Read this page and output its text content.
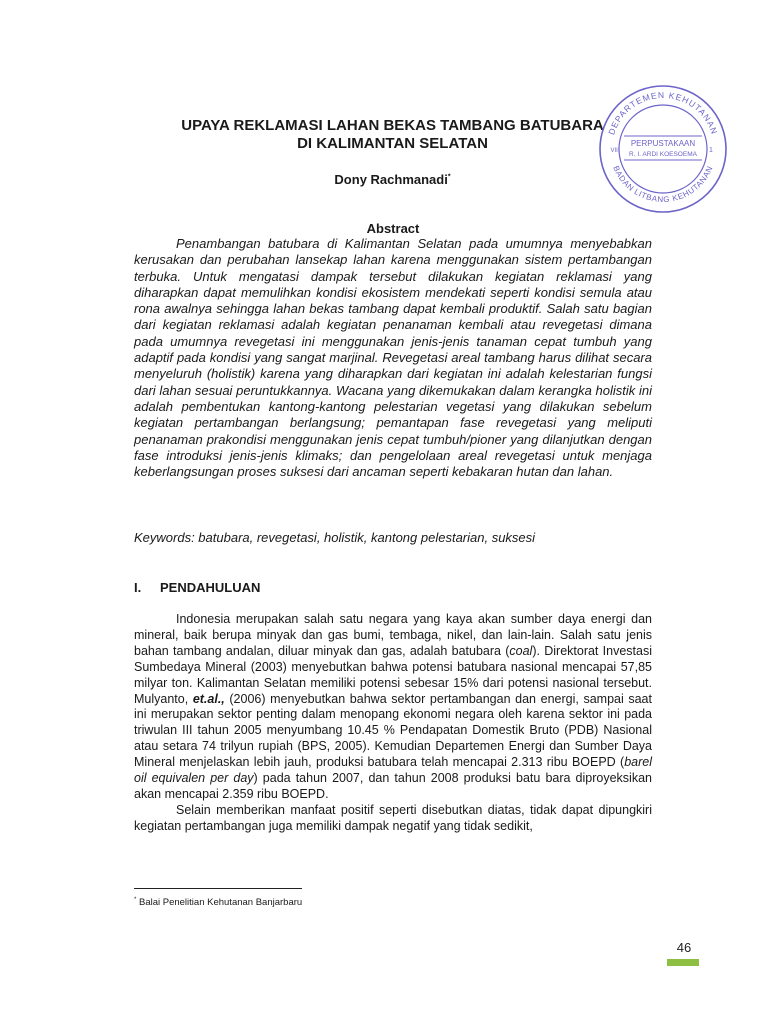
UPAYA REKLAMASI LAHAN BEKAS TAMBANG BATUBARA
DI KALIMANTAN SELATAN
Dony Rachmanadi*
Abstract

Penambangan batubara di Kalimantan Selatan pada umumnya menyebabkan kerusakan dan perubahan lansekap lahan karena menggunakan sistem pertambangan terbuka. Untuk mengatasi dampak tersebut dilakukan kegiatan reklamasi yang diharapkan dapat memulihkan kondisi ekosistem mendekati seperti kondisi semula atau rona awalnya sehingga lahan bekas tambang dapat kembali produktif. Salah satu bagian dari kegiatan reklamasi adalah kegiatan penanaman kembali atau revegetasi dimana pada umumnya revegetasi ini menggunakan jenis-jenis tanaman cepat tumbuh yang adaptif pada kondisi yang sangat marjinal. Revegetasi areal tambang harus dilihat secara menyeluruh (holistik) karena yang diharapkan dari kegiatan ini adalah kelestarian fungsi dari lahan sesuai peruntukkannya. Wacana yang dikemukakan dalam kerangka holistik ini adalah pembentukan kantong-kantong pelestarian vegetasi yang dilakukan sebelum kegiatan pertambangan berlangsung; pemantapan fase revegetasi yang meliputi penanaman prakondisi menggunakan jenis cepat tumbuh/pioner yang dilanjutkan dengan fase introduksi jenis-jenis klimaks; dan pengelolaan areal revegetasi untuk menjaga keberlangsungan proses suksesi dari ancaman seperti kebakaran hutan dan lahan.

Keywords: batubara, revegetasi, holistik, kantong pelestarian, suksesi

I. PENDAHULUAN

Indonesia merupakan salah satu negara yang kaya akan sumber daya energi dan mineral, baik berupa minyak dan gas bumi, tembaga, nikel, dan lain-lain. Salah satu jenis bahan tambang andalan, diluar minyak dan gas, adalah batubara (coal). Direktorat Investasi Sumbedaya Mineral (2003) menyebutkan bahwa potensi batubara nasional mencapai 57,85 milyar ton. Kalimantan Selatan memiliki potensi sebesar 15% dari potensi nasional tersebut. Mulyanto, et.al., (2006) menyebutkan bahwa sektor pertambangan dan energi, sampai saat ini merupakan sektor penting dalam menopang ekonomi negara oleh karena sektor ini pada triwulan III tahun 2005 menyumbang 10.45 % Pendapatan Domestik Bruto (PDB) Nasional atau setara 74 trilyun rupiah (BPS, 2005). Kemudian Departemen Energi dan Sumber Daya Mineral menjelaskan lebih jauh, produksi batubara telah mencapai 2.313 ribu BOEPD (barel oil equivalen per day) pada tahun 2007, dan tahun 2008 produksi batu bara diproyeksikan akan mencapai 2.359 ribu BOEPD.

Selain memberikan manfaat positif seperti disebutkan diatas, tidak dapat dipungkiri kegiatan pertambangan juga memiliki dampak negatif yang tidak sedikit,

* Balai Penelitian Kehutanan Banjarbaru
46
DEPARTEMEN KEHUTANAN
BADAN LITBANG KEHUTANAN
PERPUSTAKAAN
R. I. ARDI KOESOEMA
VIII	1
